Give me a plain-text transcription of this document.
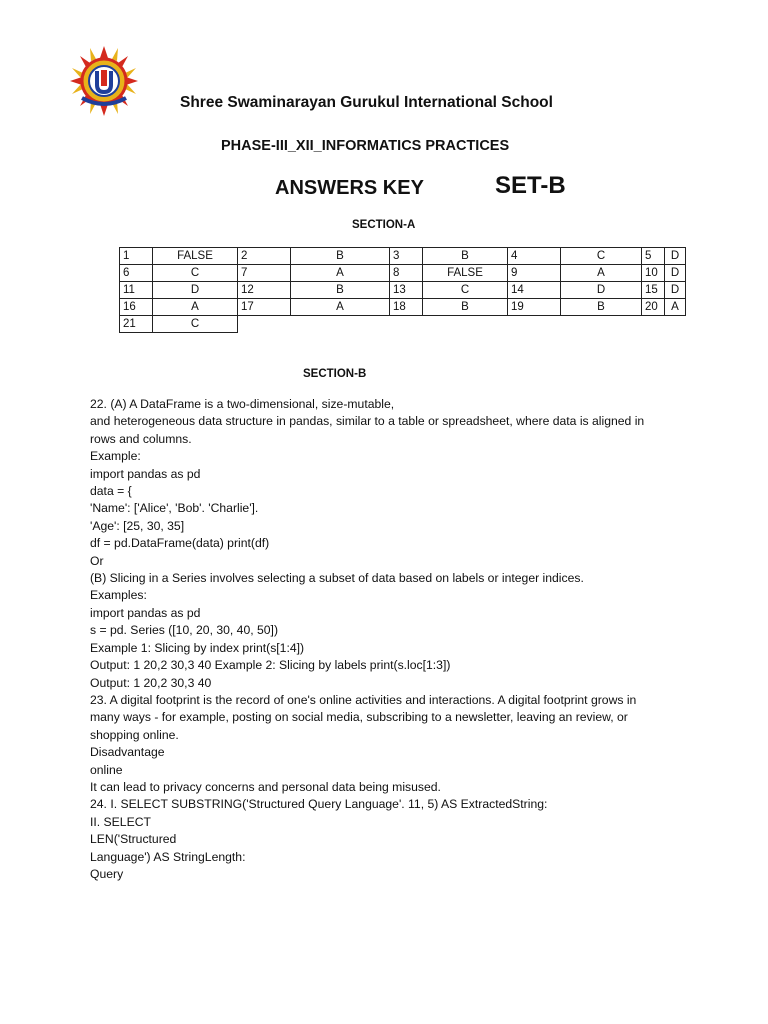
Shree Swaminarayan Gurukul International School
PHASE-III_XII_INFORMATICS PRACTICES
ANSWERS KEY	SET-B
SECTION-A
1	FALSE	2	B	3	B	4	C	5	D
6	C	7	A	8	FALSE	9	A	10	D
11	D	12	B	13	C	14	D	15	D
16	A	17	A	18	B	19	B	20	A
21	C								
SECTION-B
22. (A) A DataFrame is a two-dimensional, size-mutable,
and heterogeneous data structure in pandas, similar to a table or spreadsheet, where data is aligned in
rows and columns.
Example:
import pandas as pd
data = {
'Name': ['Alice', 'Bob'. 'Charlie'].
'Age': [25, 30, 35]
df = pd.DataFrame(data) print(df)
Or
(B) Slicing in a Series involves selecting a subset of data based on labels or integer indices.
Examples:
import pandas as pd
s = pd. Series ([10, 20, 30, 40, 50])
Example 1: Slicing by index print(s[1:4])
Output: 1 20,2 30,3 40 Example 2: Slicing by labels print(s.loc[1:3])
Output: 1 20,2 30,3 40
23. A digital footprint is the record of one's online activities and interactions. A digital footprint grows in
many ways - for example, posting on social media, subscribing to a newsletter, leaving an review, or
shopping online.
Disadvantage
online
It can lead to privacy concerns and personal data being misused.
24. I. SELECT SUBSTRING('Structured Query Language'. 11, 5) AS ExtractedString:
II. SELECT
LEN('Structured
Language') AS StringLength:
Query
